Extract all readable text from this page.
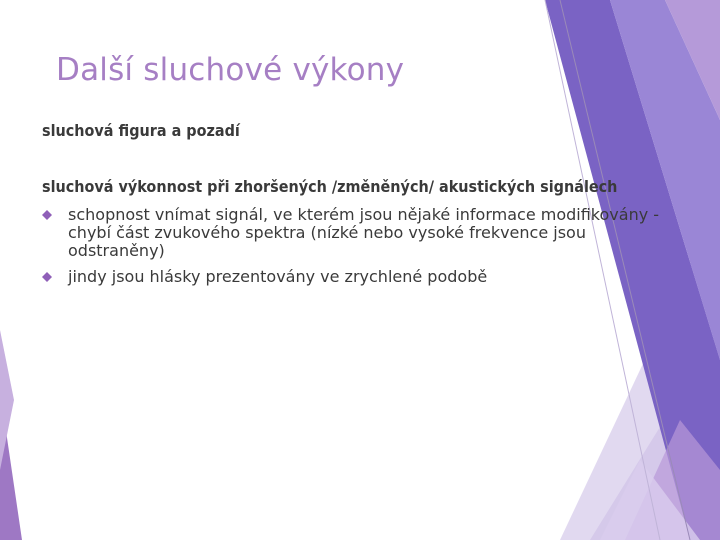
Další sluchové výkony

sluchová figura a pozadí

sluchová výkonnost při zhoršených /změněných/ akustických signálech

schopnost vnímat signál, ve kterém jsou nějaké informace modifikovány - chybí část zvukového spektra (nízké nebo vysoké frekvence jsou odstraněny)
jindy jsou hlásky prezentovány ve zrychlené podobě
